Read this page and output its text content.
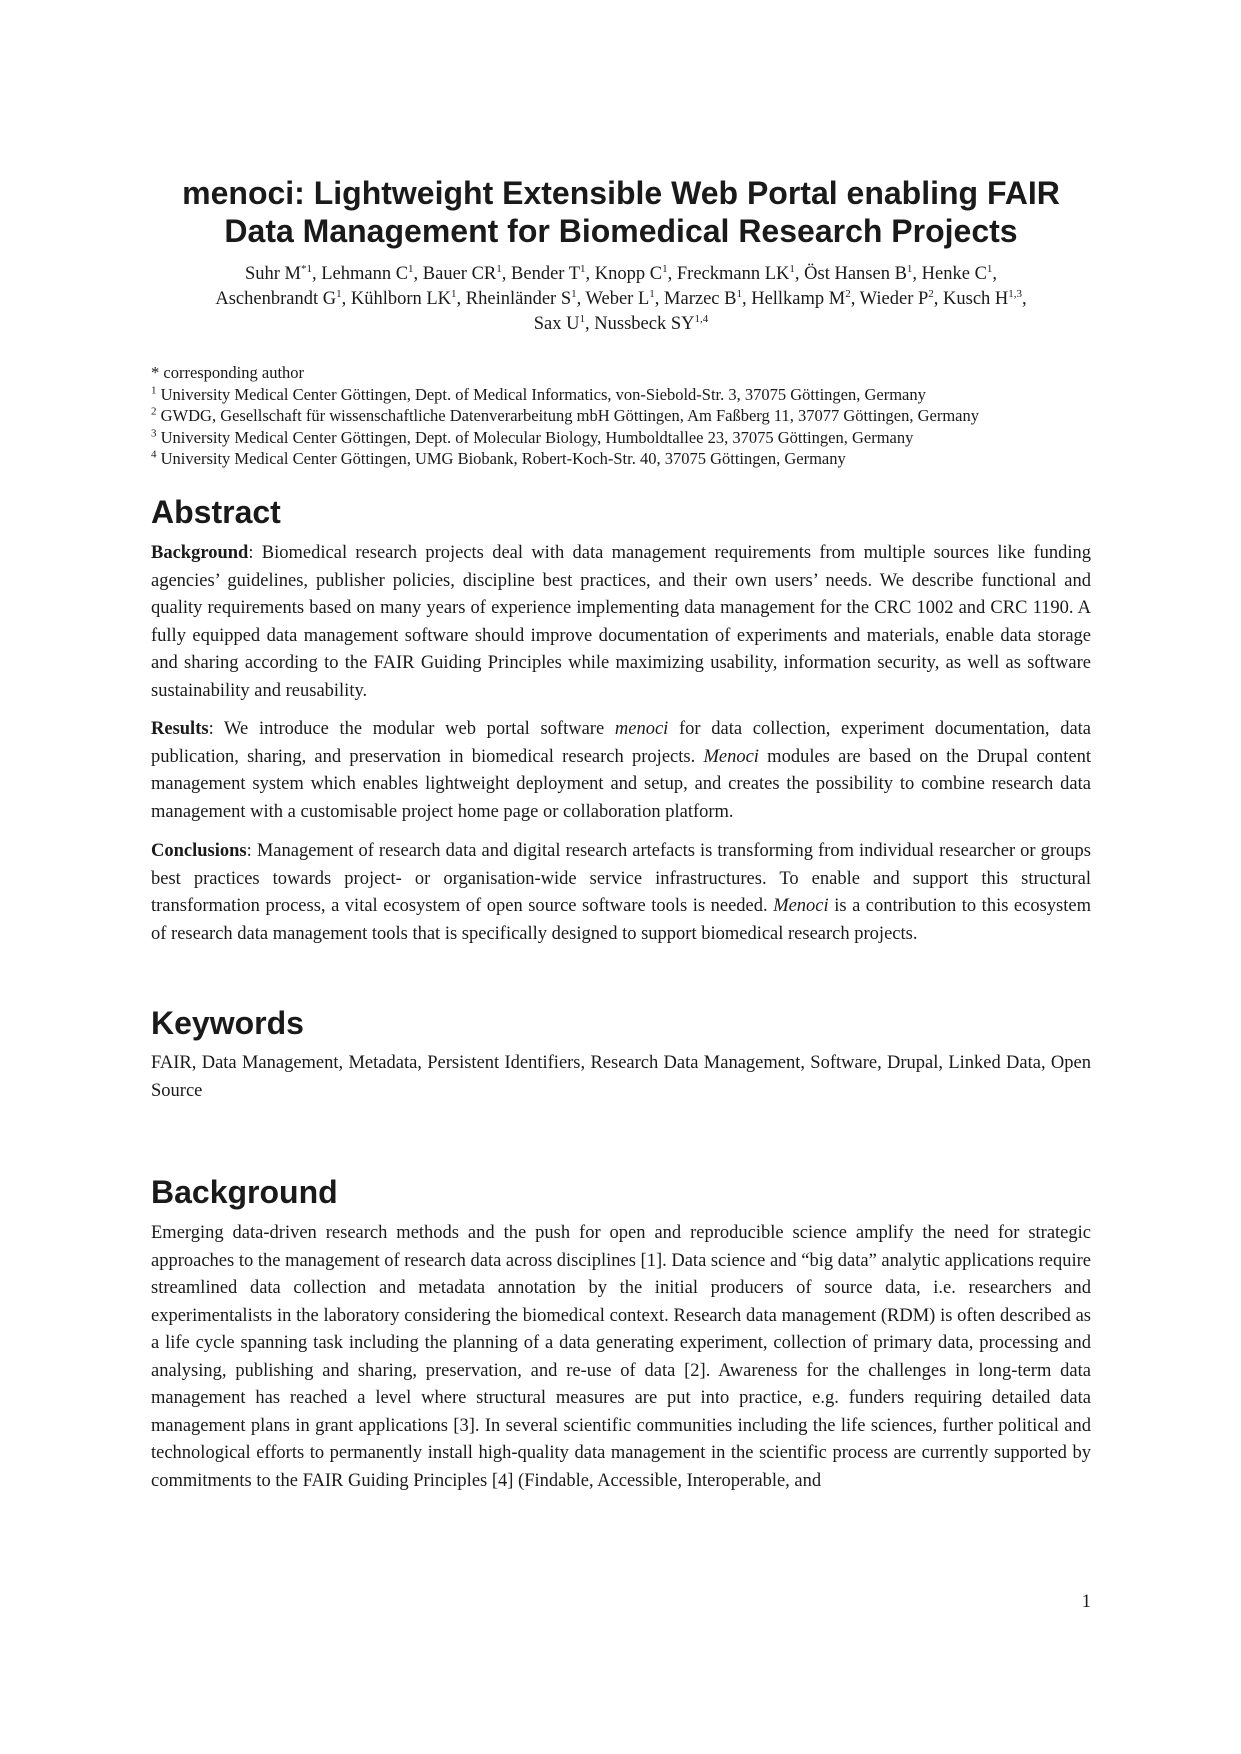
menoci: Lightweight Extensible Web Portal enabling FAIR
Data Management for Biomedical Research Projects
Suhr $M^{*1}$, Lehmann $C^1$, Bauer $CR^1$, Bender $T^1$, Knopp $C^1$, Freckmann $LK^1$, Öst Hansen $B^1$, Henke $C^1$,
Aschenbrandt $G^1$, Kühlborn $LK^1$, Rheinländer $S^1$, Weber $L^1$, Marzec $B^1$, Hellkamp $M^2$, Wieder $P^2$, Kusch H$^{1,3}$,
Sax $U^1$, Nussbeck SY$^{1,4}$
* corresponding author
$^1$ University Medical Center Göttingen, Dept. of Medical Informatics, von-Siebold-Str. 3, 37075 Göttingen, Germany
$^2$ GWDG, Gesellschaft für wissenschaftliche Datenverarbeitung mbH Göttingen, Am Faßberg 11, 37077 Göttingen, Germany
$^3$ University Medical Center Göttingen, Dept. of Molecular Biology, Humboldtallee 23, 37075 Göttingen, Germany
$^4$ University Medical Center Göttingen, UMG Biobank, Robert-Koch-Str. 40, 37075 Göttingen, Germany
Abstract

Background: Biomedical research projects deal with data management requirements from multiple sources like funding agencies’ guidelines, publisher policies, discipline best practices, and their own users’ needs. We describe functional and quality requirements based on many years of experience implementing data management for the CRC 1002 and CRC 1190. A fully equipped data management software should improve documentation of experiments and materials, enable data storage and sharing according to the FAIR Guiding Principles while maximizing usability, information security, as well as software sustainability and reusability.

Results: We introduce the modular web portal software menoci for data collection, experiment documentation, data publication, sharing, and preservation in biomedical research projects. Menoci modules are based on the Drupal content management system which enables lightweight deployment and setup, and creates the possibility to combine research data management with a customisable project home page or collaboration platform.

Conclusions: Management of research data and digital research artefacts is transforming from individual researcher or groups best practices towards project- or organisation-wide service infrastructures. To enable and support this structural transformation process, a vital ecosystem of open source software tools is needed. Menoci is a contribution to this ecosystem of research data management tools that is specifically designed to support biomedical research projects.

Keywords

FAIR, Data Management, Metadata, Persistent Identifiers, Research Data Management, Software, Drupal, Linked Data, Open Source

Background

Emerging data-driven research methods and the push for open and reproducible science amplify the need for strategic approaches to the management of research data across disciplines [1]. Data science and “big data” analytic applications require streamlined data collection and metadata annotation by the initial producers of source data, i.e. researchers and experimentalists in the laboratory considering the biomedical context. Research data management (RDM) is often described as a life cycle spanning task including the planning of a data generating experiment, collection of primary data, processing and analysing, publishing and sharing, preservation, and re-use of data [2]. Awareness for the challenges in long-term data management has reached a level where structural measures are put into practice, e.g. funders requiring detailed data management plans in grant applications [3]. In several scientific communities including the life sciences, further political and technological efforts to permanently install high-quality data management in the scientific process are currently supported by commitments to the FAIR Guiding Principles [4] (Findable, Accessible, Interoperable, and

1
